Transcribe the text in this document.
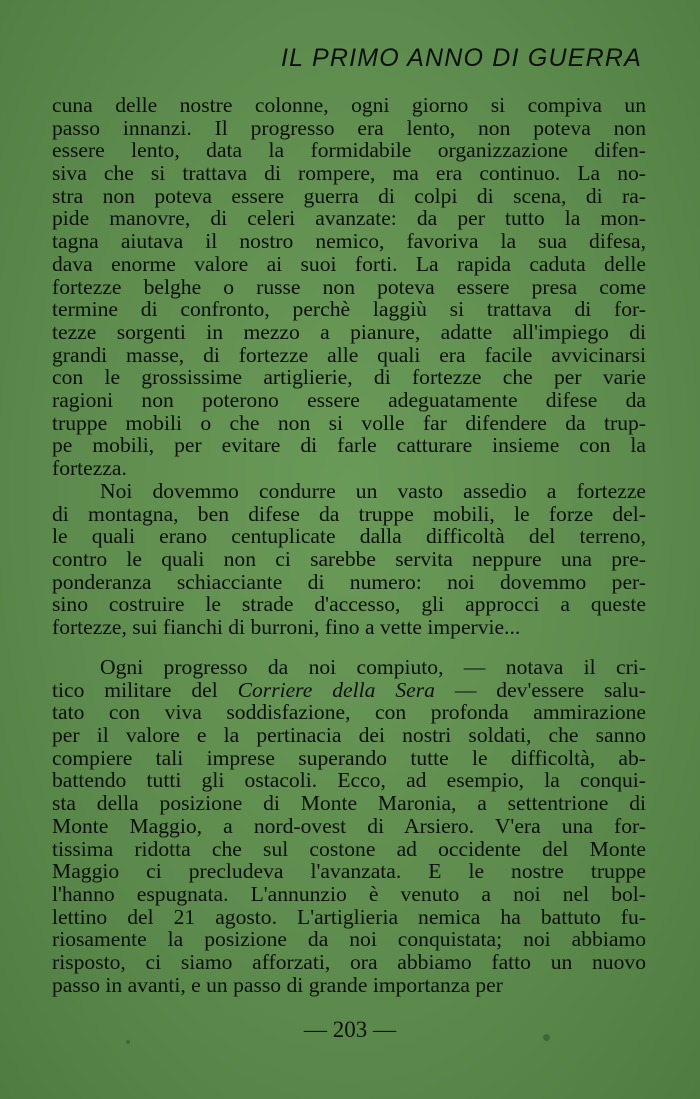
IL PRIMO ANNO DI GUERRA
cuna delle nostre colonne, ogni giorno si compiva un
passo innanzi. Il progresso era lento, non poteva non
essere lento, data la formidabile organizzazione difen-
siva che si trattava di rompere, ma era continuo. La no-
stra non poteva essere guerra di colpi di scena, di ra-
pide manovre, di celeri avanzate: da per tutto la mon-
tagna aiutava il nostro nemico, favoriva la sua difesa,
dava enorme valore ai suoi forti. La rapida caduta delle
fortezze belghe o russe non poteva essere presa come
termine di confronto, perchè laggiù si trattava di for-
tezze sorgenti in mezzo a pianure, adatte all'impiego di
grandi masse, di fortezze alle quali era facile avvicinarsi
con le grossissime artiglierie, di fortezze che per varie
ragioni non poterono essere adeguatamente difese da
truppe mobili o che non si volle far difendere da trup-
pe mobili, per evitare di farle catturare insieme con la
fortezza.
Noi dovemmo condurre un vasto assedio a fortezze
di montagna, ben difese da truppe mobili, le forze del-
le quali erano centuplicate dalla difficoltà del terreno,
contro le quali non ci sarebbe servita neppure una pre-
ponderanza schiacciante di numero: noi dovemmo per-
sino costruire le strade d'accesso, gli approcci a queste
fortezze, sui fianchi di burroni, fino a vette impervie...
Ogni progresso da noi compiuto, — notava il cri-
tico militare del Corriere della Sera — dev'essere salu-
tato con viva soddisfazione, con profonda ammirazione
per il valore e la pertinacia dei nostri soldati, che sanno
compiere tali imprese superando tutte le difficoltà, ab-
battendo tutti gli ostacoli. Ecco, ad esempio, la conqui-
sta della posizione di Monte Maronia, a settentrione di
Monte Maggio, a nord-ovest di Arsiero. V'era una for-
tissima ridotta che sul costone ad occidente del Monte
Maggio ci precludeva l'avanzata. E le nostre truppe
l'hanno espugnata. L'annunzio è venuto a noi nel bol-
lettino del 21 agosto. L'artiglieria nemica ha battuto fu-
riosamente la posizione da noi conquistata; noi abbiamo
risposto, ci siamo afforzati, ora abbiamo fatto un nuovo
passo in avanti, e un passo di grande importanza per
— 203 —
